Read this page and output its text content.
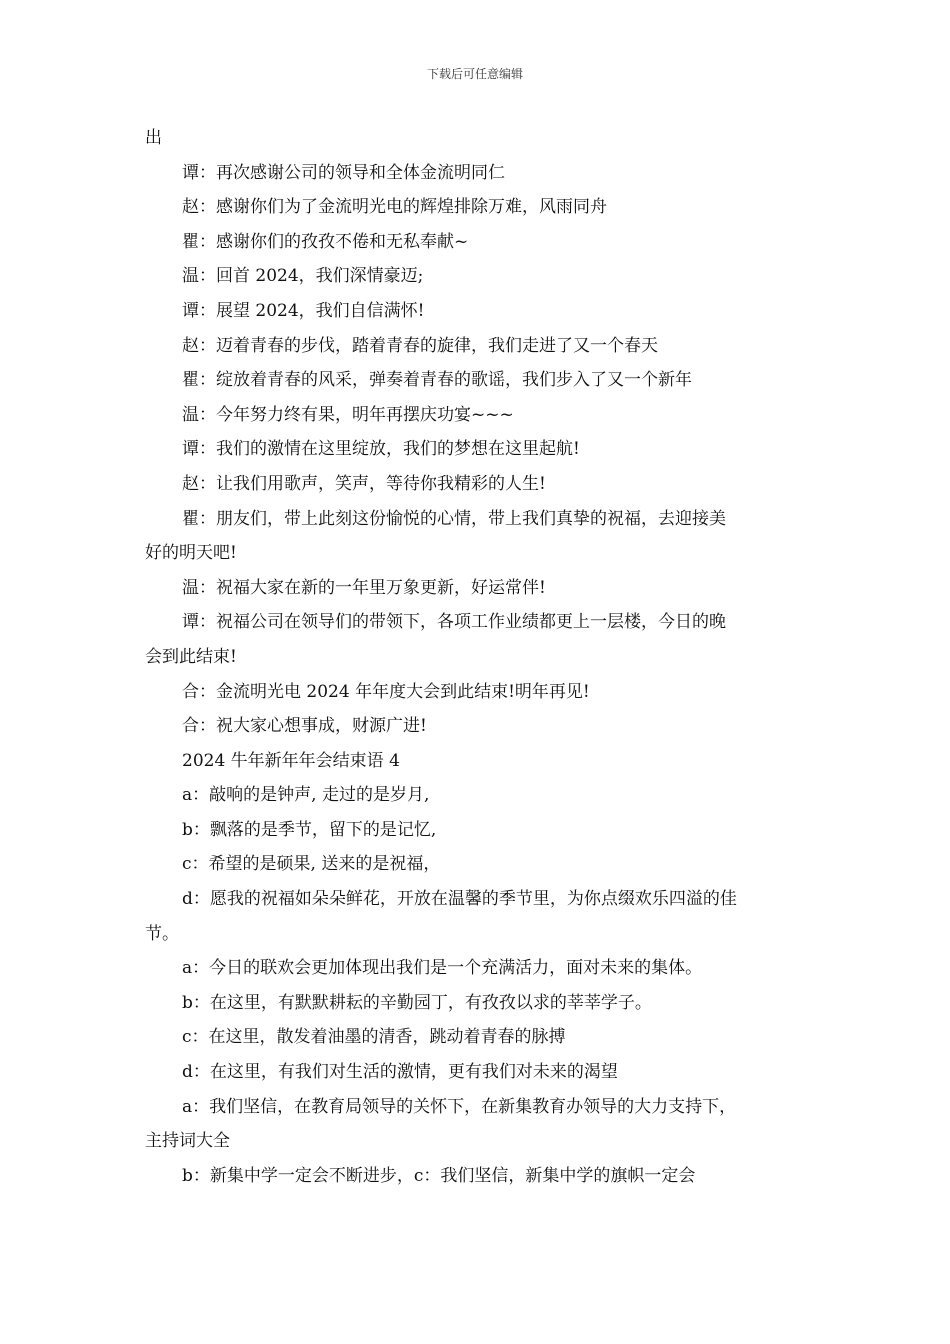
下载后可任意编辑

出

谭：再次感谢公司的领导和全体金流明同仁

赵：感谢你们为了金流明光电的辉煌排除万难，风雨同舟

瞿：感谢你们的孜孜不倦和无私奉献~

温：回首 2024，我们深情豪迈;

谭：展望 2024，我们自信满怀!

赵：迈着青春的步伐，踏着青春的旋律，我们走进了又一个春天

瞿：绽放着青春的风采，弹奏着青春的歌谣，我们步入了又一个新年

温：今年努力终有果，明年再摆庆功宴~~~

谭：我们的激情在这里绽放，我们的梦想在这里起航!

赵：让我们用歌声，笑声，等待你我精彩的人生!

瞿：朋友们，带上此刻这份愉悦的心情，带上我们真挚的祝福，去迎接美

好的明天吧!

温：祝福大家在新的一年里万象更新，好运常伴!

谭：祝福公司在领导们的带领下，各项工作业绩都更上一层楼，今日的晚

会到此结束!

合：金流明光电 2024 年年度大会到此结束!明年再见!

合：祝大家心想事成，财源广进!

2024 牛年新年年会结束语 4

a：敲响的是钟声, 走过的是岁月,

b：飘落的是季节，留下的是记忆,

c：希望的是硕果, 送来的是祝福，

d：愿我的祝福如朵朵鲜花，开放在温馨的季节里，为你点缀欢乐四溢的佳

节。

a：今日的联欢会更加体现出我们是一个充满活力，面对未来的集体。

b：在这里，有默默耕耘的辛勤园丁，有孜孜以求的莘莘学子。

c：在这里，散发着油墨的清香，跳动着青春的脉搏

d：在这里，有我们对生活的激情，更有我们对未来的渴望

a：我们坚信，在教育局领导的关怀下，在新集教育办领导的大力支持下，

主持词大全

b：新集中学一定会不断进步，c：我们坚信，新集中学的旗帜一定会
